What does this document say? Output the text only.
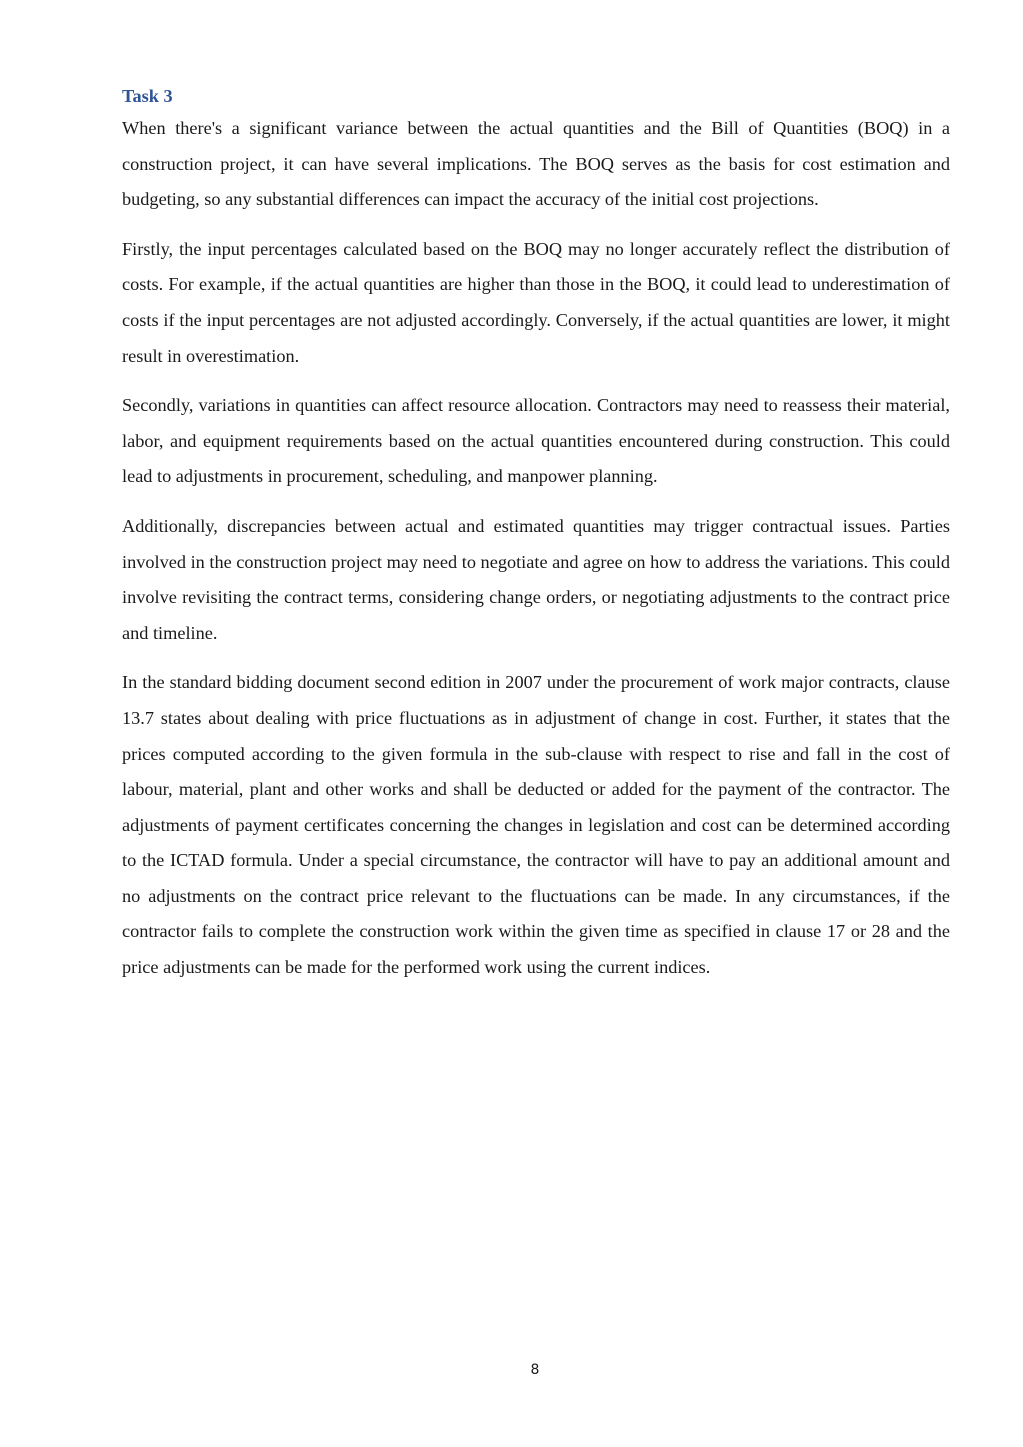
Task 3

When there's a significant variance between the actual quantities and the Bill of Quantities (BOQ) in a construction project, it can have several implications. The BOQ serves as the basis for cost estimation and budgeting, so any substantial differences can impact the accuracy of the initial cost projections.

Firstly, the input percentages calculated based on the BOQ may no longer accurately reflect the distribution of costs. For example, if the actual quantities are higher than those in the BOQ, it could lead to underestimation of costs if the input percentages are not adjusted accordingly. Conversely, if the actual quantities are lower, it might result in overestimation.

Secondly, variations in quantities can affect resource allocation. Contractors may need to reassess their material, labor, and equipment requirements based on the actual quantities encountered during construction. This could lead to adjustments in procurement, scheduling, and manpower planning.

Additionally, discrepancies between actual and estimated quantities may trigger contractual issues. Parties involved in the construction project may need to negotiate and agree on how to address the variations. This could involve revisiting the contract terms, considering change orders, or negotiating adjustments to the contract price and timeline.

In the standard bidding document second edition in 2007 under the procurement of work major contracts, clause 13.7 states about dealing with price fluctuations as in adjustment of change in cost. Further, it states that the prices computed according to the given formula in the sub-clause with respect to rise and fall in the cost of labour, material, plant and other works and shall be deducted or added for the payment of the contractor. The adjustments of payment certificates concerning the changes in legislation and cost can be determined according to the ICTAD formula. Under a special circumstance, the contractor will have to pay an additional amount and no adjustments on the contract price relevant to the fluctuations can be made. In any circumstances, if the contractor fails to complete the construction work within the given time as specified in clause 17 or 28 and the price adjustments can be made for the performed work using the current indices.

8
